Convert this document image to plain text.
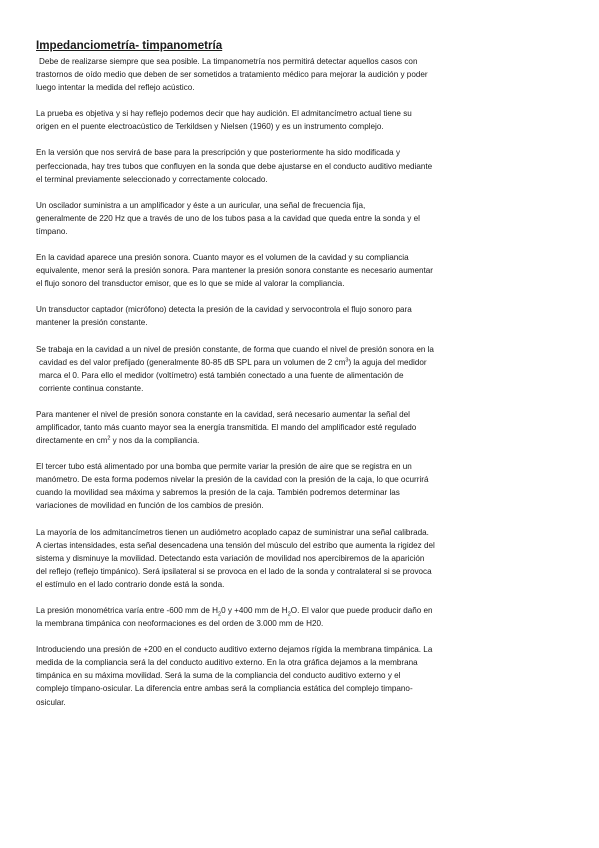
Impedanciometría- timpanometría

Debe de realizarse siempre que sea posible. La timpanometría nos permitirá detectar aquellos casos con
trastornos de oído medio que deben de ser sometidos a tratamiento médico para mejorar la audición y poder
luego intentar la medida del reflejo acústico.

La prueba es objetiva y si hay reflejo podemos decir que hay audición. El admitancímetro actual tiene su
origen en el puente electroacústico de Terkildsen y Nielsen (1960) y es un instrumento complejo.

En la versión que nos servirá de base para la prescripción y que posteriormente ha sido modificada y
perfeccionada, hay tres tubos que confluyen en la sonda que debe ajustarse en el conducto auditivo mediante
el terminal previamente seleccionado y correctamente colocado.

Un oscilador suministra a un amplificador y éste a un auricular, una señal de frecuencia fija,
generalmente de 220 Hz que a través de uno de los tubos pasa a la cavidad que queda entre la sonda y el
tímpano.

En la cavidad aparece una presión sonora. Cuanto mayor es el volumen de la cavidad y su compliancia
equivalente, menor será la presión sonora. Para mantener la presión sonora constante es necesario aumentar
el flujo sonoro del transductor emisor, que es lo que se mide al valorar la compliancia.

Un transductor captador (micrófono) detecta la presión de la cavidad y servocontrola el flujo sonoro para
mantener la presión constante.

Se trabaja en la cavidad a un nivel de presión constante, de forma que cuando el nivel de presión sonora en la
cavidad es del valor prefijado (generalmente 80-85 dB SPL para un volumen de 2 $cm^3$) la aguja del medidor
marca el 0. Para ello el medidor (voltímetro) está también conectado a una fuente de alimentación de
corriente continua constante.

Para mantener el nivel de presión sonora constante en la cavidad, será necesario aumentar la señal del
amplificador, tanto más cuanto mayor sea la energía transmitida. El mando del amplificador esté regulado
directamente en $cm^2$ y nos da la compliancia.

El tercer tubo está alimentado por una bomba que permite variar la presión de aire que se registra en un
manómetro. De esta forma podemos nivelar la presión de la cavidad con la presión de la caja, lo que ocurrirá
cuando la movilidad sea máxima y sabremos la presión de la caja. También podremos determinar las
variaciones de movilidad en función de los cambios de presión.

La mayoría de los admitancímetros tienen un audiómetro acoplado capaz de suministrar una señal calibrada.
A ciertas intensidades, esta señal desencadena una tensión del músculo del estribo que aumenta la rigidez del
sistema y disminuye la movilidad. Detectando esta variación de movilidad nos apercibiremos de la aparición
del reflejo (reflejo timpánico). Será ipsilateral si se provoca en el lado de la sonda y contralateral si se provoca
el estímulo en el lado contrario donde está la sonda.

La presión monométrica varía entre -600 mm de $H_20$ y +400 mm de $H_2O$. El valor que puede producir daño en
la membrana timpánica con neoformaciones es del orden de 3.000 mm de H20.

Introduciendo una presión de +200 en el conducto auditivo externo dejamos rígida la membrana timpánica. La
medida de la compliancia será la del conducto auditivo externo. En la otra gráfica dejamos a la membrana
timpánica en su máxima movilidad. Será la suma de la compliancia del conducto auditivo externo y el
complejo tímpano-osicular. La diferencia entre ambas será la compliancia estática del complejo timpano-
osicular.
